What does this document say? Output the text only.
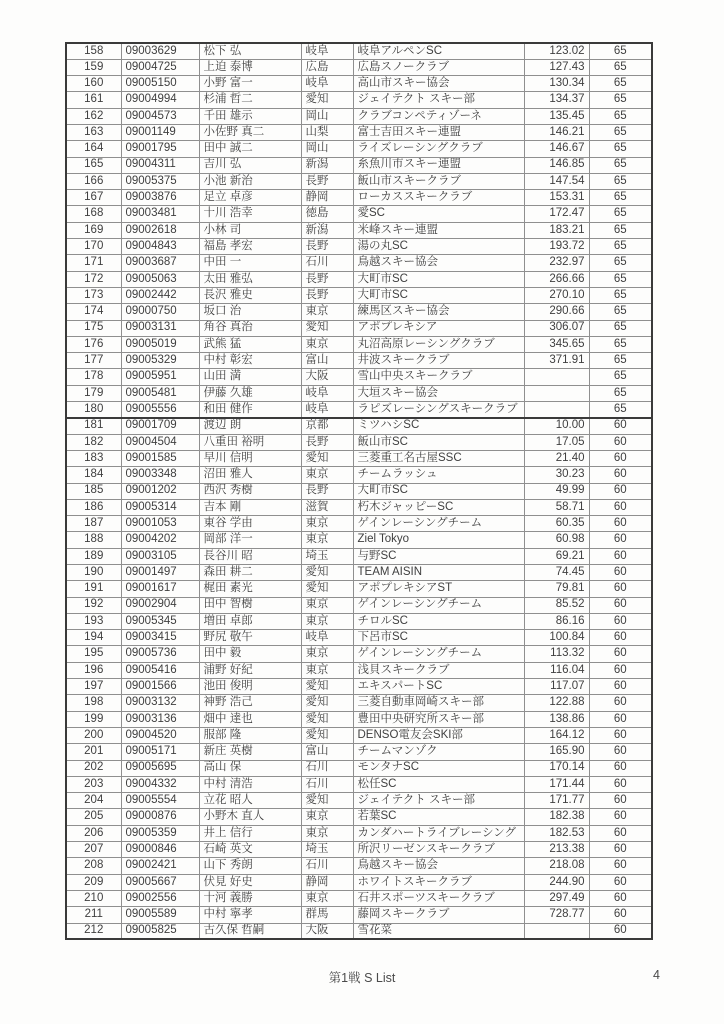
158	09003629	松下 弘	岐阜	岐阜アルペンSC	123.02	65
159	09004725	上迫 泰博	広島	広島スノークラブ	127.43	65
160	09005150	小野 富一	岐阜	高山市スキー協会	130.34	65
161	09004994	杉浦 哲二	愛知	ジェイテクト スキー部	134.37	65
162	09004573	千田 雄示	岡山	クラブコンペティゾーネ	135.45	65
163	09001149	小佐野 真二	山梨	富士吉田スキー連盟	146.21	65
164	09001795	田中 誠二	岡山	ライズレーシングクラブ	146.67	65
165	09004311	吉川 弘	新潟	糸魚川市スキー連盟	146.85	65
166	09005375	小池 新治	長野	飯山市スキークラブ	147.54	65
167	09003876	足立 卓彦	静岡	ローカススキークラブ	153.31	65
168	09003481	十川 浩幸	徳島	愛SC	172.47	65
169	09002618	小林 司	新潟	米峰スキー連盟	183.21	65
170	09004843	福島 孝宏	長野	湯の丸SC	193.72	65
171	09003687	中田 一	石川	鳥越スキー協会	232.97	65
172	09005063	太田 雅弘	長野	大町市SC	266.66	65
173	09002442	長沢 雅史	長野	大町市SC	270.10	65
174	09000750	坂口 治	東京	練馬区スキー協会	290.66	65
175	09003131	角谷 真治	愛知	アポプレキシア	306.07	65
176	09005019	武熊 猛	東京	丸沼高原レーシングクラブ	345.65	65
177	09005329	中村 彰宏	富山	井波スキークラブ	371.91	65
178	09005951	山田 満	大阪	雪山中央スキークラブ		65
179	09005481	伊藤 久雄	岐阜	大垣スキー協会		65
180	09005556	和田 健作	岐阜	ラピズレーシングスキークラブ		65
181	09001709	渡辺 朗	京都	ミツハシSC	10.00	60
182	09004504	八重田 裕明	長野	飯山市SC	17.05	60
183	09001585	早川 信明	愛知	三菱重工名古屋SSC	21.40	60
184	09003348	沼田 雅人	東京	チームラッシュ	30.23	60
185	09001202	西沢 秀樹	長野	大町市SC	49.99	60
186	09005314	吉本 剛	滋賀	朽木ジャッピーSC	58.71	60
187	09001053	東谷 学由	東京	ゲインレーシングチーム	60.35	60
188	09004202	岡部 洋一	東京	Ziel Tokyo	60.98	60
189	09003105	長谷川 昭	埼玉	与野SC	69.21	60
190	09001497	森田 耕二	愛知	TEAM AISIN	74.45	60
191	09001617	梶田 素光	愛知	アポプレキシアST	79.81	60
192	09002904	田中 智樹	東京	ゲインレーシングチーム	85.52	60
193	09005345	増田 卓郎	東京	チロルSC	86.16	60
194	09003415	野尻 敬午	岐阜	下呂市SC	100.84	60
195	09005736	田中 毅	東京	ゲインレーシングチーム	113.32	60
196	09005416	浦野 好紀	東京	浅貝スキークラブ	116.04	60
197	09001566	池田 俊明	愛知	エキスパートSC	117.07	60
198	09003132	神野 浩己	愛知	三菱自動車岡崎スキー部	122.88	60
199	09003136	畑中 達也	愛知	豊田中央研究所スキー部	138.86	60
200	09004520	服部 隆	愛知	DENSO電友会SKI部	164.12	60
201	09005171	新庄 英樹	富山	チームマンゾク	165.90	60
202	09005695	高山 保	石川	モンタナSC	170.14	60
203	09004332	中村 清浩	石川	松任SC	171.44	60
204	09005554	立花 昭人	愛知	ジェイテクト スキー部	171.77	60
205	09000876	小野木 直人	東京	若葉SC	182.38	60
206	09005359	井上 信行	東京	カンダハートライブレーシング	182.53	60
207	09000846	石崎 英文	埼玉	所沢リーゼンスキークラブ	213.38	60
208	09002421	山下 秀朗	石川	鳥越スキー協会	218.08	60
209	09005667	伏見 好史	静岡	ホワイトスキークラブ	244.90	60
210	09002556	十河 義勝	東京	石井スポーツスキークラブ	297.49	60
211	09005589	中村 寧孝	群馬	藤岡スキークラブ	728.77	60
212	09005825	古久保 哲嗣	大阪	雪花菜		60
第1戦 S List	4
